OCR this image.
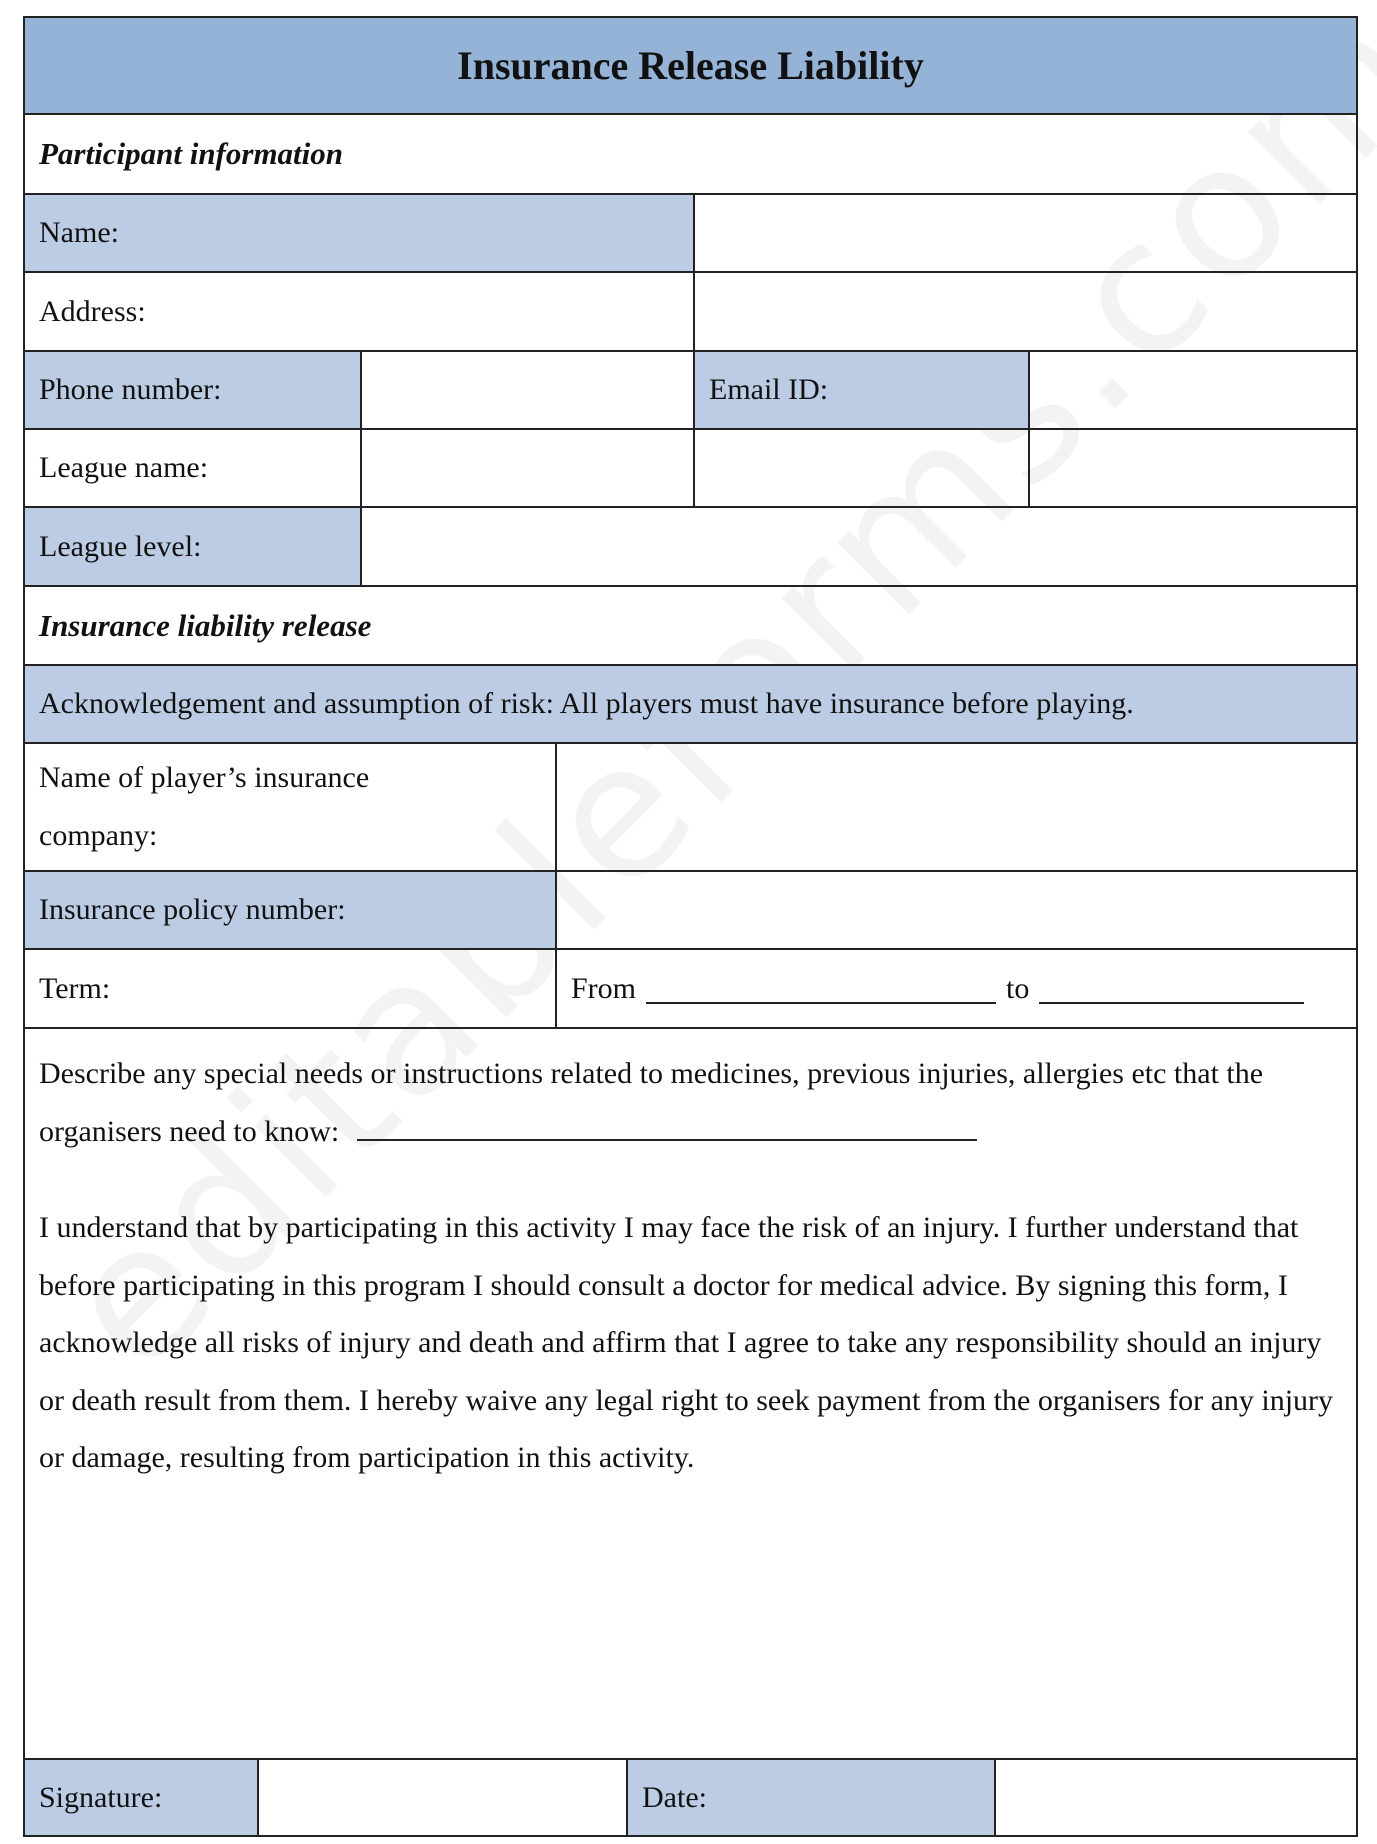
Insurance Release Liability
Participant information
Name:
Address:
Phone number:	Email ID:
League name:
League level:
Insurance liability release
Acknowledgement and assumption of risk: All players must have insurance before playing.
Name of player’s insurance company:
Insurance policy number:
Term:	From	to
Describe any special needs or instructions related to medicines, previous injuries, allergies etc that the organisers need to know:
I understand that by participating in this activity I may face the risk of an injury. I further understand that before participating in this program I should consult a doctor for medical advice. By signing this form, I acknowledge all risks of injury and death and affirm that I agree to take any responsibility should an injury or death result from them. I hereby waive any legal right to seek payment from the organisers for any injury or damage, resulting from participation in this activity.
Signature:	Date:
